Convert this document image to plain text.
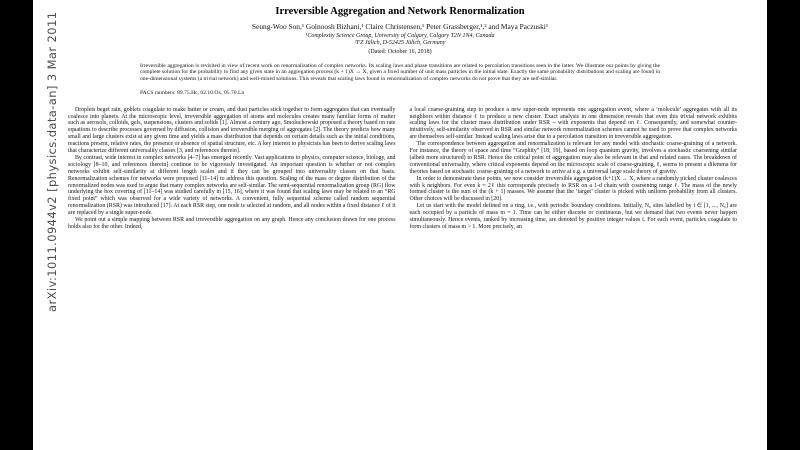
arXiv:1011.0944v2 [physics.data-an] 3 Mar 2011
Irreversible Aggregation and Network Renormalization
Seung-Woo Son,¹ Golnoosh Bizhani,¹ Claire Christensen,¹ Peter Grassberger,¹,² and Maya Paczuski¹
¹Complexity Science Group, University of Calgary, Calgary T2N 1N4, Canada
²FZ Jülich, D-52425 Jülich, Germany
(Dated: October 16, 2018)
Irreversible aggregation is revisited in view of recent work on renormalization of complex networks. Its scaling laws and phase transitions are related to percolation transitions seen in the latter. We illustrate our points by giving the complete solution for the probability to find any given state in an aggregation process (k + 1)X → X, given a fixed number of unit mass particles in the initial state. Exactly the same probability distributions and scaling are found in one-dimensional systems (a trivial network) and well-mixed solutions. This reveals that scaling laws found in renormalization of complex networks do not prove that they are self-similar.
PACS numbers: 89.75.Hc, 02.10.Ox, 05.70.Ln

Droplets beget rain, goblets coagulate to make butter or cream, and dust particles stick together to form aggregates that can eventually coalesce into planets. At the microscopic level, irreversible aggregation of atoms and molecules creates many familiar forms of matter such as aerosols, colloids, gels, suspensions, clusters and solids [1]. Almost a century ago, Smoluchowski proposed a theory based on rate equations to describe processes governed by diffusion, collision and irreversible merging of aggregates [2]. The theory predicts how many small and large clusters exist at any given time and yields a mass distribution that depends on certain details such as the initial conditions, reactions present, relative rates, the presence or absence of spatial structure, etc. A key interest to physicists has been to derive scaling laws that characterize different universality classes [3, and references therein].

By contrast, wide interest in complex networks [4–7] has emerged recently. Vast applications to physics, computer science, biology, and sociology [8–10, and references therein] continue to be vigorously investigated. An important question is whether or not complex networks exhibit self-similarity at different length scales and if they can be grouped into universality classes on that basis. Renormalization schemes for networks were proposed [11–14] to address this question. Scaling of the mass or degree distribution of the renormalized nodes was used to argue that many complex networks are self-similar. The semi-sequential renormalization group (RG) flow underlying the box covering of [11–14] was studied carefully in [15, 16], where it was found that scaling laws may be related to an “RG fixed point” which was observed for a wide variety of networks. A convenient, fully sequential scheme called random sequential renormalization (RSR) was introduced [17]. At each RSR step, one node is selected at random, and all nodes within a fixed distance ℓ of it are replaced by a single super-node.

We point out a simple mapping between RSR and irreversible aggregation on any graph. Hence any conclusion drawn for one process holds also for the other. Indeed,

a local coarse-graining step to produce a new super-node represents one aggregation event, where a ‘molecule’ aggregates with all its neighbors within distance ℓ to produce a new cluster. Exact analysis in one dimension reveals that even this trivial network exhibits scaling laws for the cluster mass distribution under RSR – with exponents that depend on ℓ. Consequently, and somewhat counter-intuitively, self-similarity observed in RSR and similar network renormalization schemes cannot be used to prove that complex networks are themselves self-similar. Instead scaling laws arise due to a percolation transition in irreversible aggregation.

The correspondence between aggregation and renormalization is relevant for any model with stochastic coarse-graining of a network. For instance, the theory of space and time “Graphity” [18, 19], based on loop quantum gravity, involves a stochastic coarsening similar (albeit more structured) to RSR. Hence the critical point of aggregation may also be relevant in that and related cases. The breakdown of conventional universality, where critical exponents depend on the microscopic scale of coarse-graining, ℓ, seems to present a dilemma for theories based on stochastic coarse-graining of a network to arrive at e.g. a universal large scale theory of gravity.

In order to demonstrate these points, we now consider irreversible aggregation (k+1)X → X, where a randomly picked cluster coalesces with k neighbors. For even k = 2ℓ this corresponds precisely to RSR on a 1-d chain with coarsening range ℓ. The mass of the newly formed cluster is the sum of the (k + 1) masses. We assume that the ‘target’ cluster is picked with uniform probability from all clusters. Other choices will be discussed in [20].

Let us start with the model defined on a ring, i.e., with periodic boundary conditions. Initially, N₀ sites labelled by i ∈ [1, ..., N₀] are each occupied by a particle of mass m = 1. Time can be either discrete or continuous, but we demand that two events never happen simultaneously. Hence events, ranked by increasing time, are denoted by positive integer values t. For each event, particles coagulate to form clusters of mass m > 1. More precisely, an
